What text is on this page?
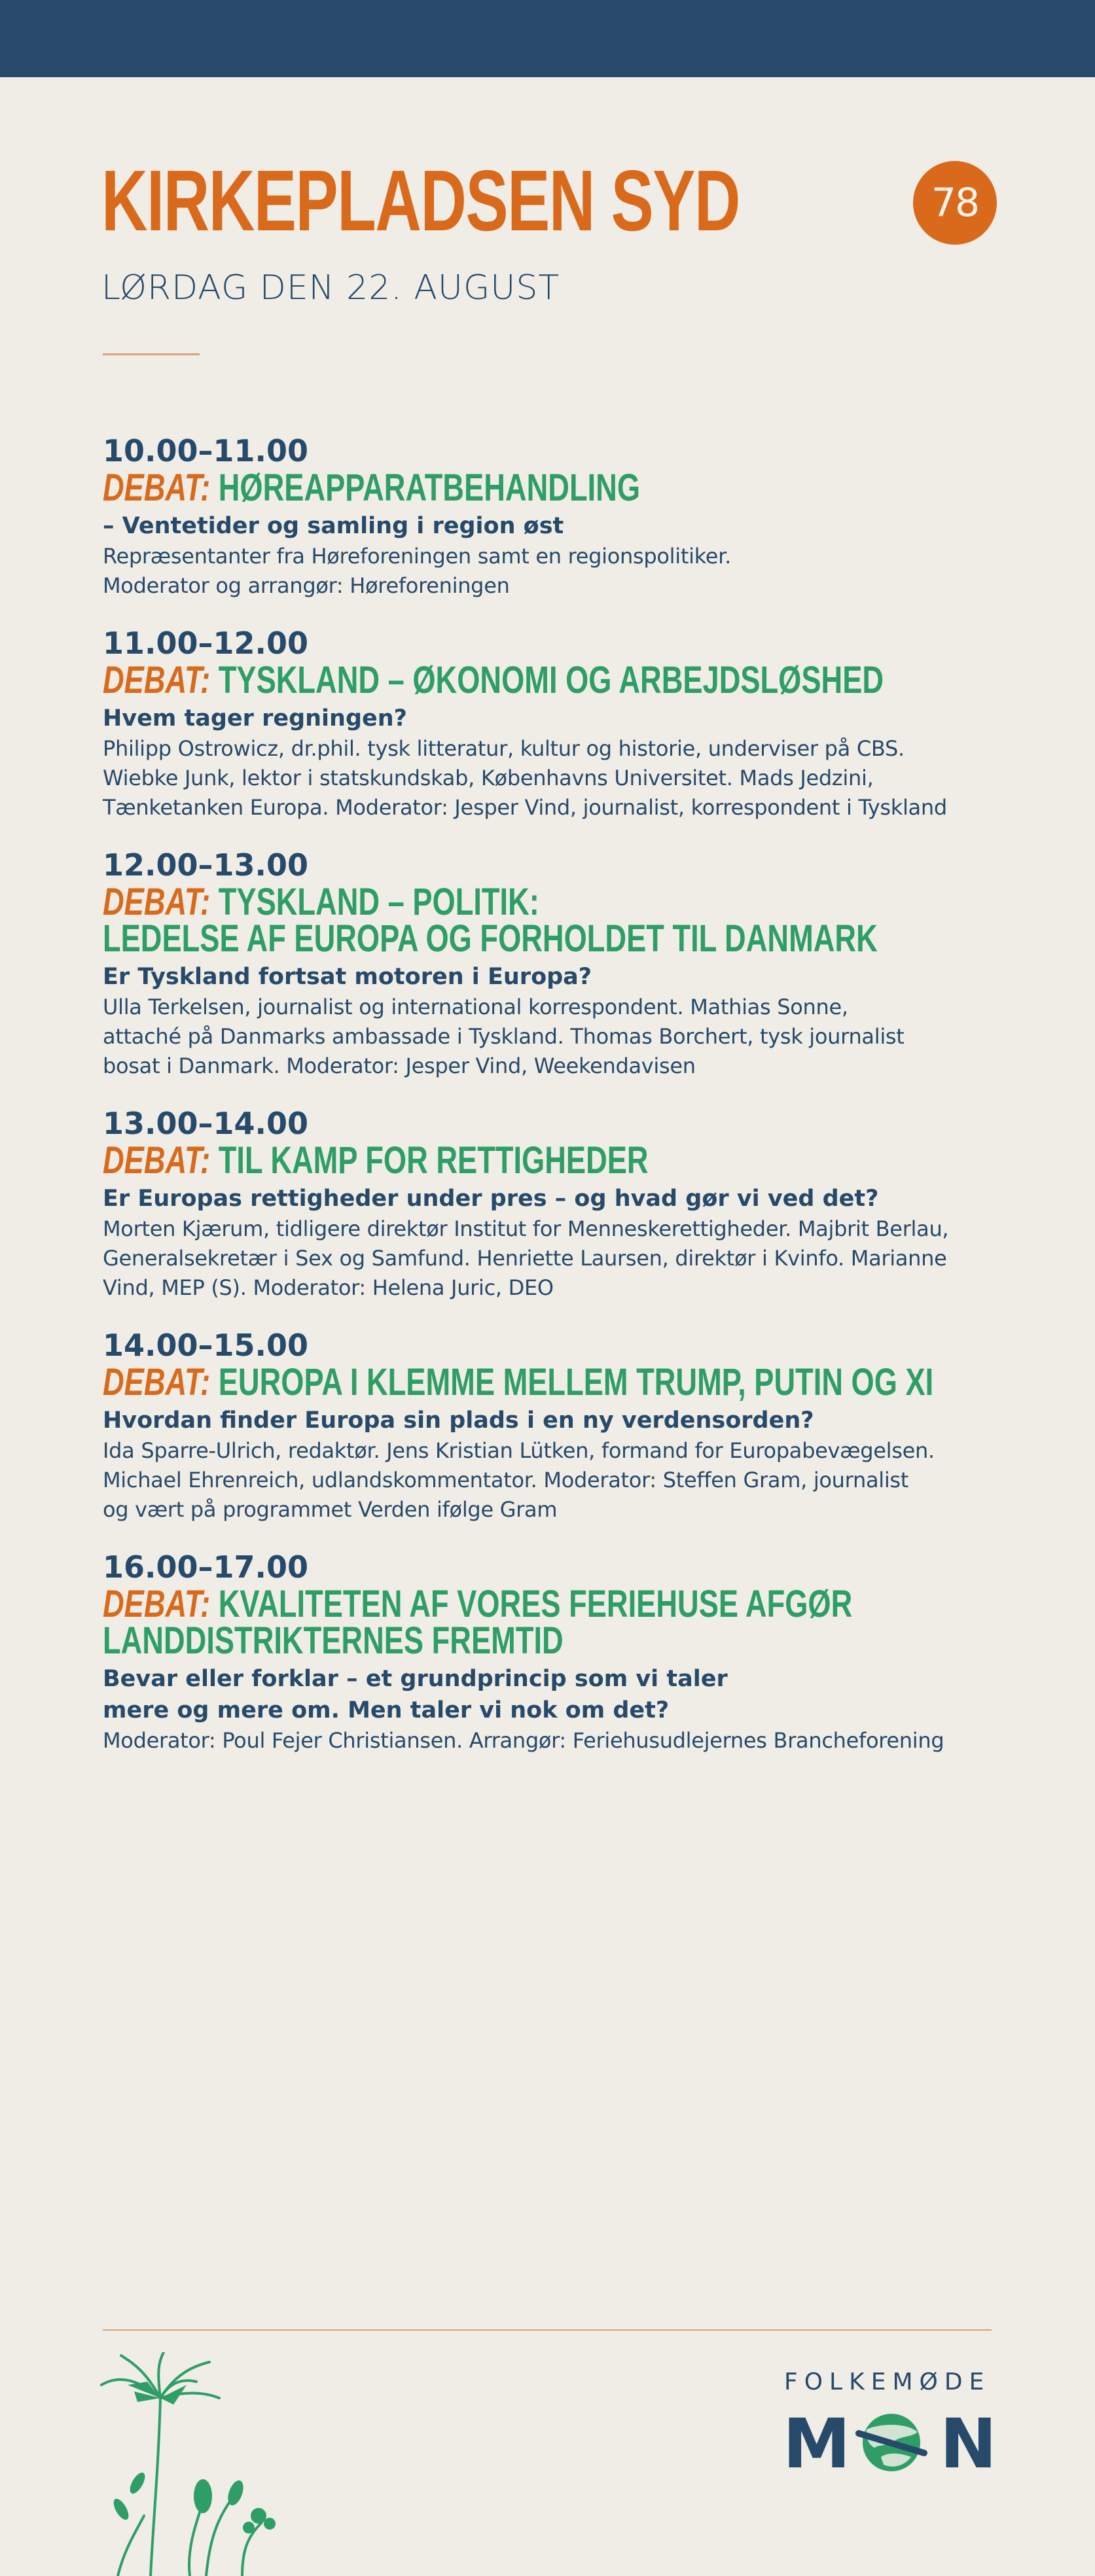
KIRKEPLADSEN SYD	78
LØRDAG DEN 22. AUGUST
10.00–11.00
DEBAT: HØREAPPARATBEHANDLING
– Ventetider og samling i region øst
Repræsentanter fra Høreforeningen samt en regionspolitiker.
Moderator og arrangør: Høreforeningen
11.00–12.00
DEBAT: TYSKLAND – ØKONOMI OG ARBEJDSLØSHED
Hvem tager regningen?
Philipp Ostrowicz, dr.phil. tysk litteratur, kultur og historie, underviser på CBS.
Wiebke Junk, lektor i statskundskab, Københavns Universitet. Mads Jedzini,
Tænketanken Europa. Moderator: Jesper Vind, journalist, korrespondent i Tyskland
12.00–13.00
DEBAT: TYSKLAND – POLITIK:
LEDELSE AF EUROPA OG FORHOLDET TIL DANMARK
Er Tyskland fortsat motoren i Europa?
Ulla Terkelsen, journalist og international korrespondent. Mathias Sonne,
attaché på Danmarks ambassade i Tyskland. Thomas Borchert, tysk journalist
bosat i Danmark. Moderator: Jesper Vind, Weekendavisen
13.00–14.00
DEBAT: TIL KAMP FOR RETTIGHEDER
Er Europas rettigheder under pres – og hvad gør vi ved det?
Morten Kjærum, tidligere direktør Institut for Menneskerettigheder. Majbrit Berlau,
Generalsekretær i Sex og Samfund. Henriette Laursen, direktør i Kvinfo. Marianne
Vind, MEP (S). Moderator: Helena Juric, DEO
14.00–15.00
DEBAT: EUROPA I KLEMME MELLEM TRUMP, PUTIN OG XI
Hvordan finder Europa sin plads i en ny verdensorden?
Ida Sparre-Ulrich, redaktør. Jens Kristian Lütken, formand for Europabevægelsen.
Michael Ehrenreich, udlandskommentator. Moderator: Steffen Gram, journalist
og vært på programmet Verden ifølge Gram
16.00–17.00
DEBAT: KVALITETEN AF VORES FERIEHUSE AFGØR
LANDDISTRIKTERNES FREMTID
Bevar eller forklar – et grundprincip som vi taler
mere og mere om. Men taler vi nok om det?
Moderator: Poul Fejer Christiansen. Arrangør: Feriehusudlejernes Brancheforening
FOLKEMØDE
M N
